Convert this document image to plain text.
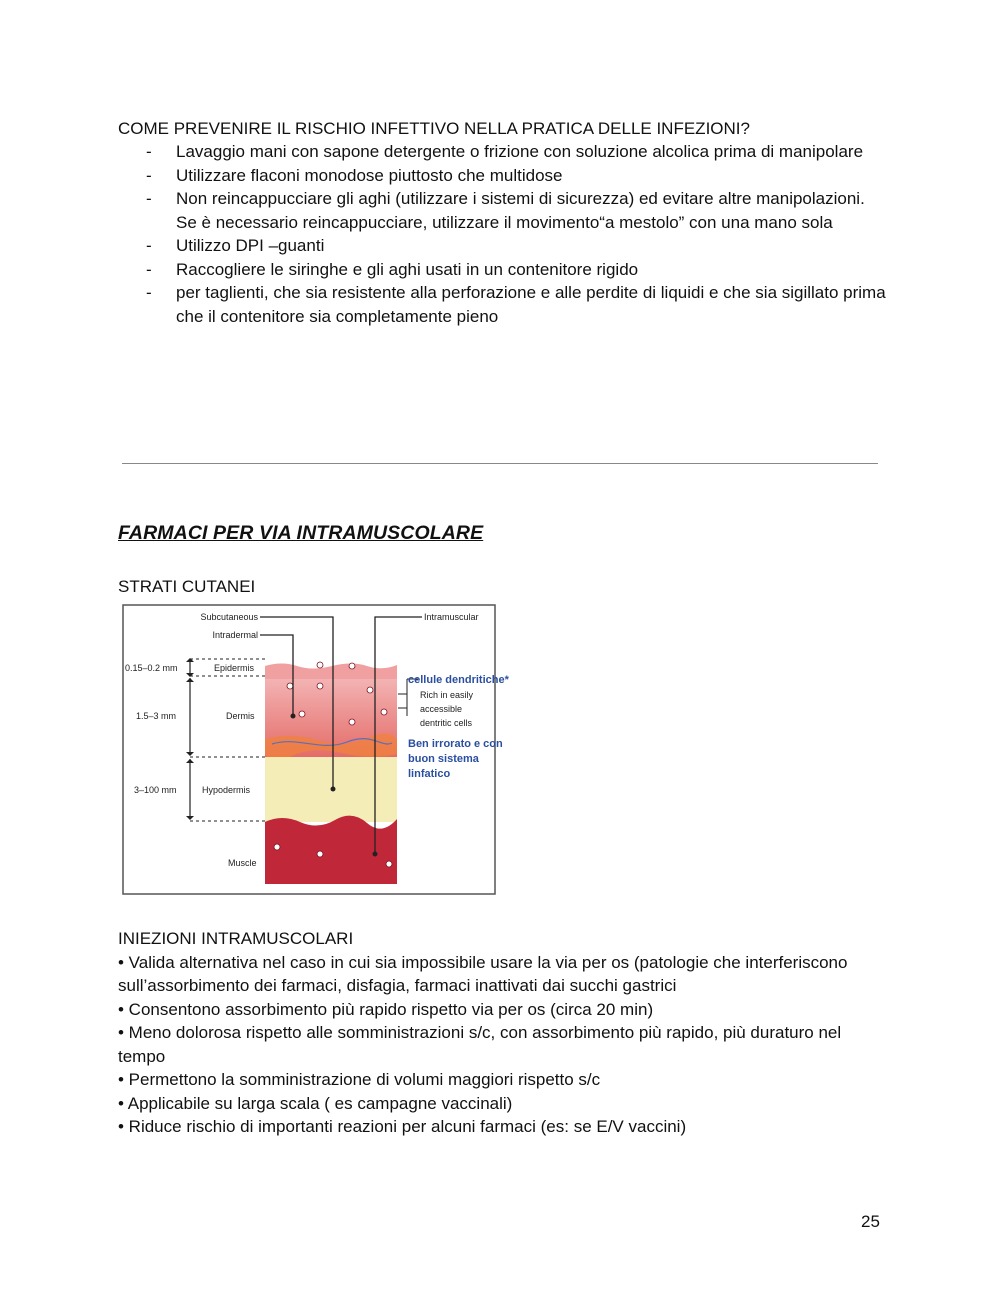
COME PREVENIRE IL RISCHIO INFETTIVO NELLA PRATICA DELLE INFEZIONI?
- Lavaggio mani con sapone detergente o frizione con soluzione alcolica prima di manipolare
- Utilizzare flaconi monodose piuttosto che multidose
- Non reincappucciare gli aghi (utilizzare i sistemi di sicurezza) ed evitare altre manipolazioni. Se è necessario reincappucciare, utilizzare il movimento“a mestolo” con una mano sola
- Utilizzo DPI –guanti
- Raccogliere le siringhe e gli aghi usati in un contenitore rigido
- per taglienti, che sia resistente alla perforazione e alle perdite di liquidi e che sia sigillato prima che il contenitore sia completamente pieno
FARMACI PER VIA INTRAMUSCOLARE
STRATI CUTANEI
Subcutaneous
Intradermal
Intramuscular
Epidermis
Dermis
Hypodermis
Muscle
0.15–0.2 mm
1.5–3 mm
3–100 mm
Rich in easily
accessible
dentritic cells
cellule dendritiche*
Ben irrorato e con
buon sistema
linfatico

INIEZIONI INTRAMUSCOLARI

• Valida alternativa nel caso in cui sia impossibile usare la via per os (patologie che interferiscono sull’assorbimento dei farmaci, disfagia, farmaci inattivati dai succhi gastrici

• Consentono assorbimento più rapido rispetto via per os (circa 20 min)

• Meno dolorosa rispetto alle somministrazioni s/c, con assorbimento più rapido, più duraturo nel tempo

• Permettono la somministrazione di volumi maggiori rispetto s/c

• Applicabile su larga scala ( es campagne vaccinali)

• Riduce rischio di importanti reazioni per alcuni farmaci (es: se E/V vaccini)

25
